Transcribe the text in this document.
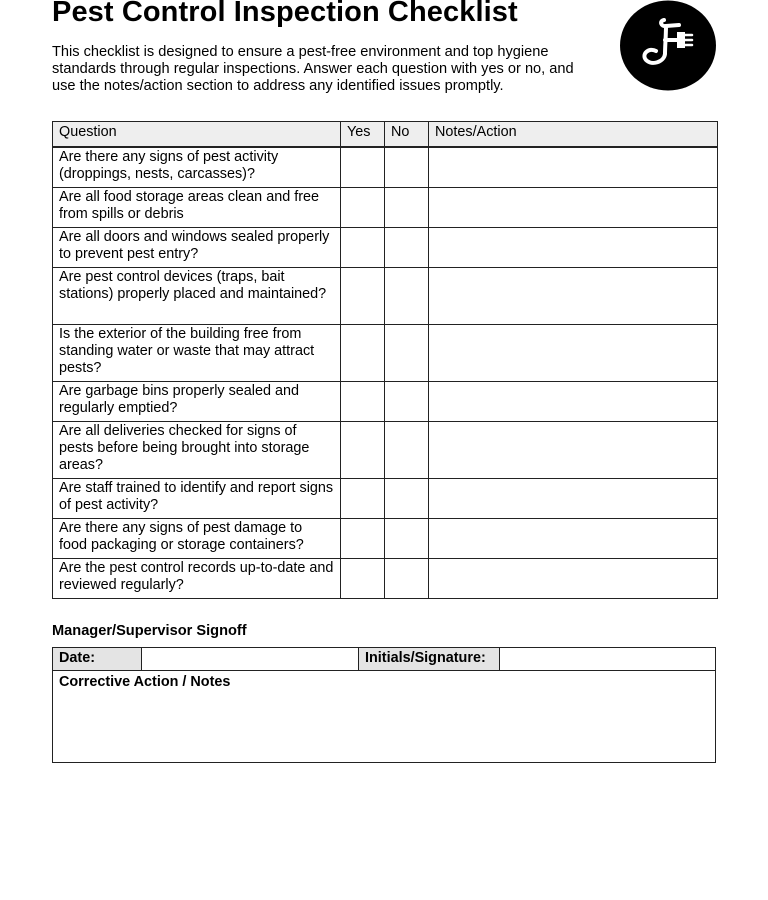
Pest Control Inspection Checklist

This checklist is designed to ensure a pest-free environment and top hygiene standards through regular inspections. Answer each question with yes or no, and use the notes/action section to address any identified issues promptly.

Question	Yes	No	Notes/Action
Are there any signs of pest activity (droppings, nests, carcasses)?			
Are all food storage areas clean and free from spills or debris			
Are all doors and windows sealed properly to prevent pest entry?			
Are pest control devices (traps, bait stations) properly placed and maintained?			
Is the exterior of the building free from standing water or waste that may attract pests?			
Are garbage bins properly sealed and regularly emptied?			
Are all deliveries checked for signs of pests before being brought into storage areas?			
Are staff trained to identify and report signs of pest activity?			
Are there any signs of pest damage to food packaging or storage containers?			
Are the pest control records up-to-date and reviewed regularly?			
Manager/Supervisor Signoff
Date:	Initials/Signature:
Corrective Action / Notes
